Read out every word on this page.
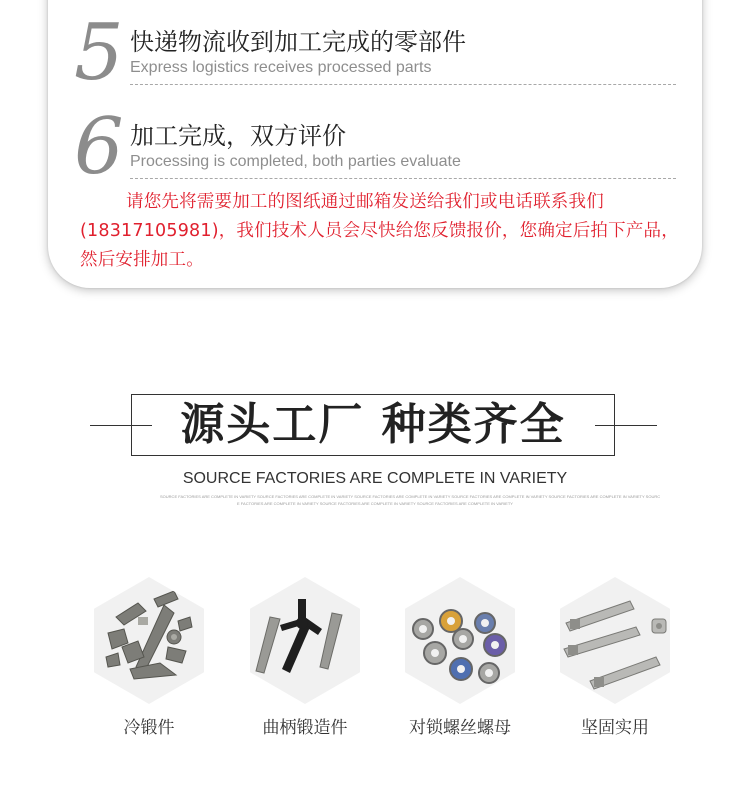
5 快递物流收到加工完成的零部件
Express logistics receives processed parts
6 加工完成，双方评价
Processing is completed, both parties evaluate
请您先将需要加工的图纸通过邮箱发送给我们或电话联系我们(18317105981)，我们技术人员会尽快给您反馈报价，您确定后拍下产品，然后安排加工。
源头工厂 种类齐全
SOURCE FACTORIES ARE COMPLETE IN VARIETY
SOURCE FACTORIES ARE COMPLETE IN VARIETY SOURCE FACTORIES ARE COMPLETE IN VARIETY SOURCE FACTORIES ARE COMPLETE IN VARIETY SOURCE FACTORIES ARE COMPLETE IN VARIETY SOURCE FACTORIES ARE COMPLETE IN VARIETY SOURC
E FACTORIES ARE COMPLETE IN VARIETY SOURCE FACTORIES ARE COMPLETE IN VARIETY SOURCE FACTORIES ARE COMPLETE IN VARIETY
冷锻件	曲柄锻造件	对锁螺丝螺母	坚固实用
